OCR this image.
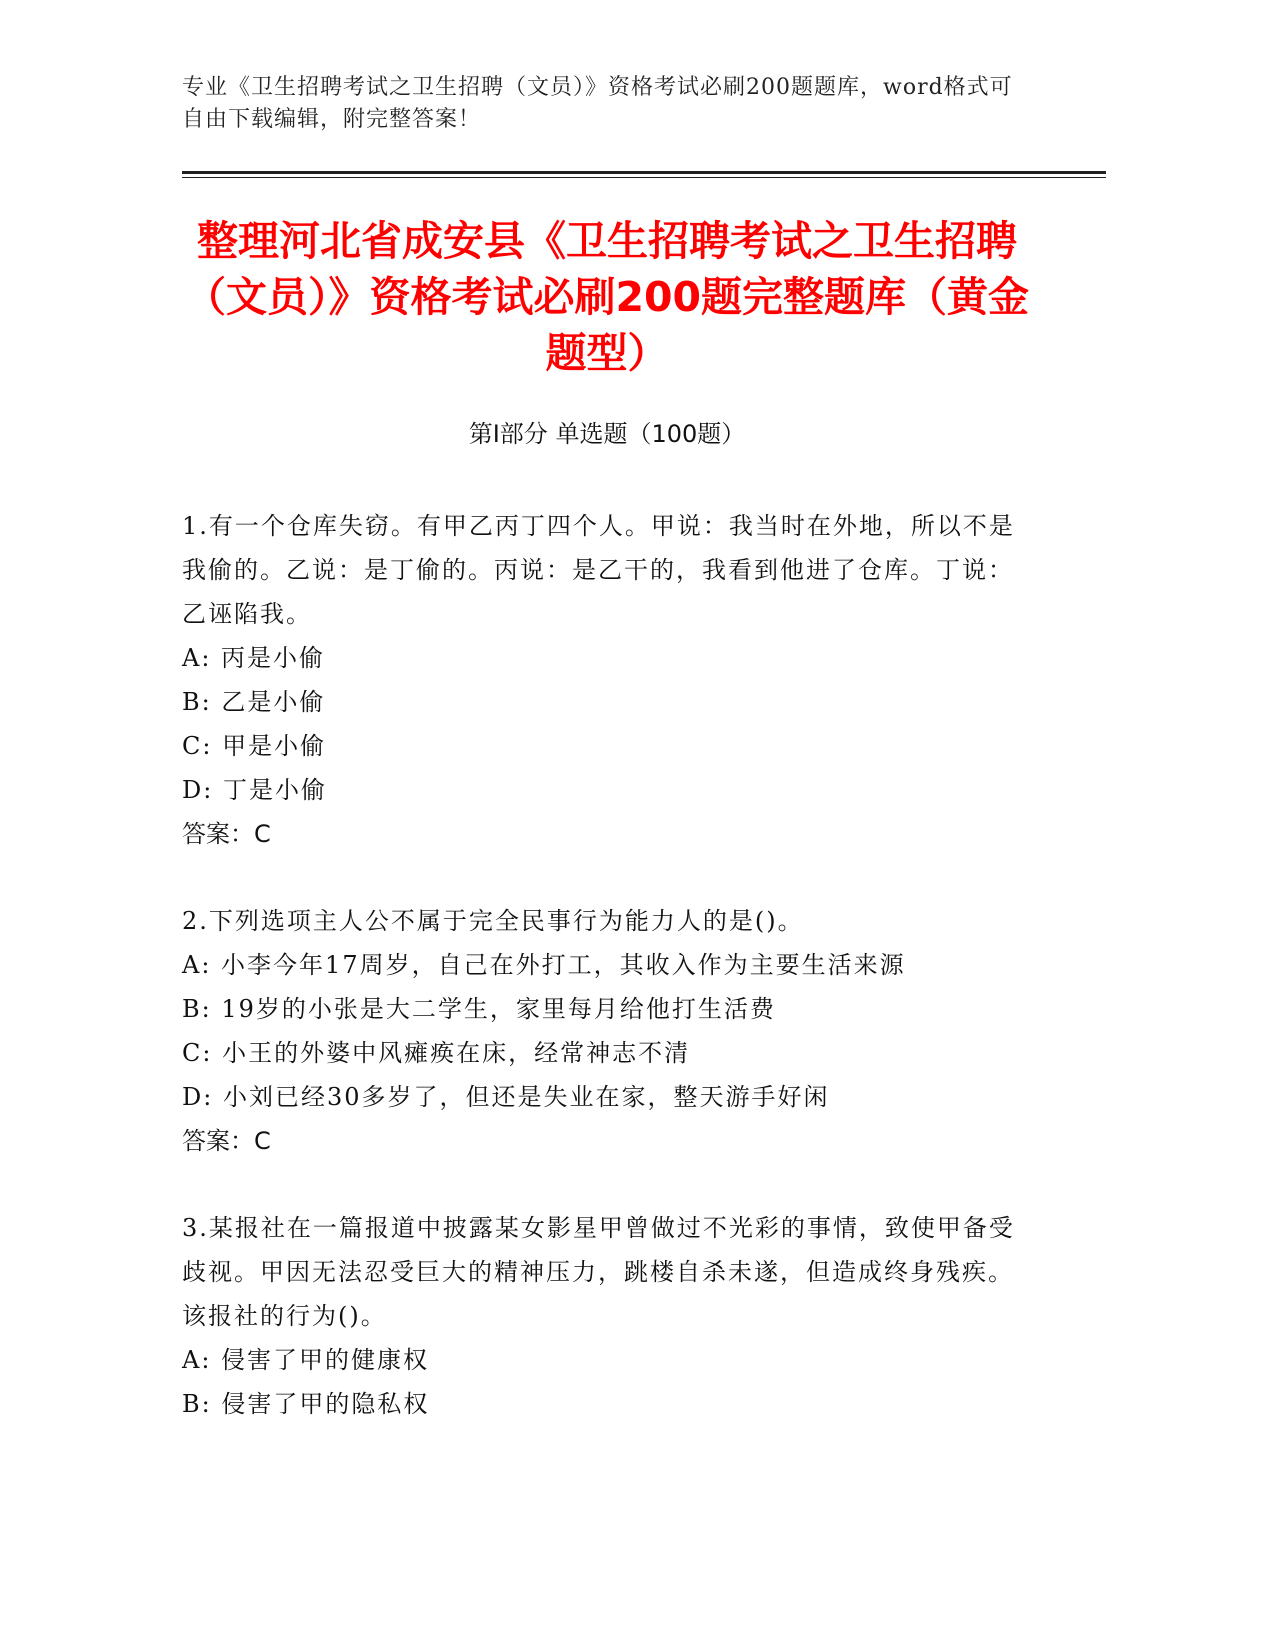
专业《卫生招聘考试之卫生招聘（文员）》资格考试必刷200题题库，word格式可自由下载编辑，附完整答案！
整理河北省成安县《卫生招聘考试之卫生招聘（文员）》资格考试必刷200题完整题库（黄金题型）
第I部分 单选题（100题）

1.有一个仓库失窃。有甲乙丙丁四个人。甲说：我当时在外地，所以不是我偷的。乙说：是丁偷的。丙说：是乙干的，我看到他进了仓库。丁说：乙诬陷我。

A: 丙是小偷

B: 乙是小偷

C: 甲是小偷

D: 丁是小偷

答案：C

2.下列选项主人公不属于完全民事行为能力人的是()。

A: 小李今年17周岁，自己在外打工，其收入作为主要生活来源

B: 19岁的小张是大二学生，家里每月给他打生活费

C: 小王的外婆中风瘫痪在床，经常神志不清

D: 小刘已经30多岁了，但还是失业在家，整天游手好闲

答案：C

3.某报社在一篇报道中披露某女影星甲曾做过不光彩的事情，致使甲备受歧视。甲因无法忍受巨大的精神压力，跳楼自杀未遂，但造成终身残疾。该报社的行为()。

A: 侵害了甲的健康权

B: 侵害了甲的隐私权
